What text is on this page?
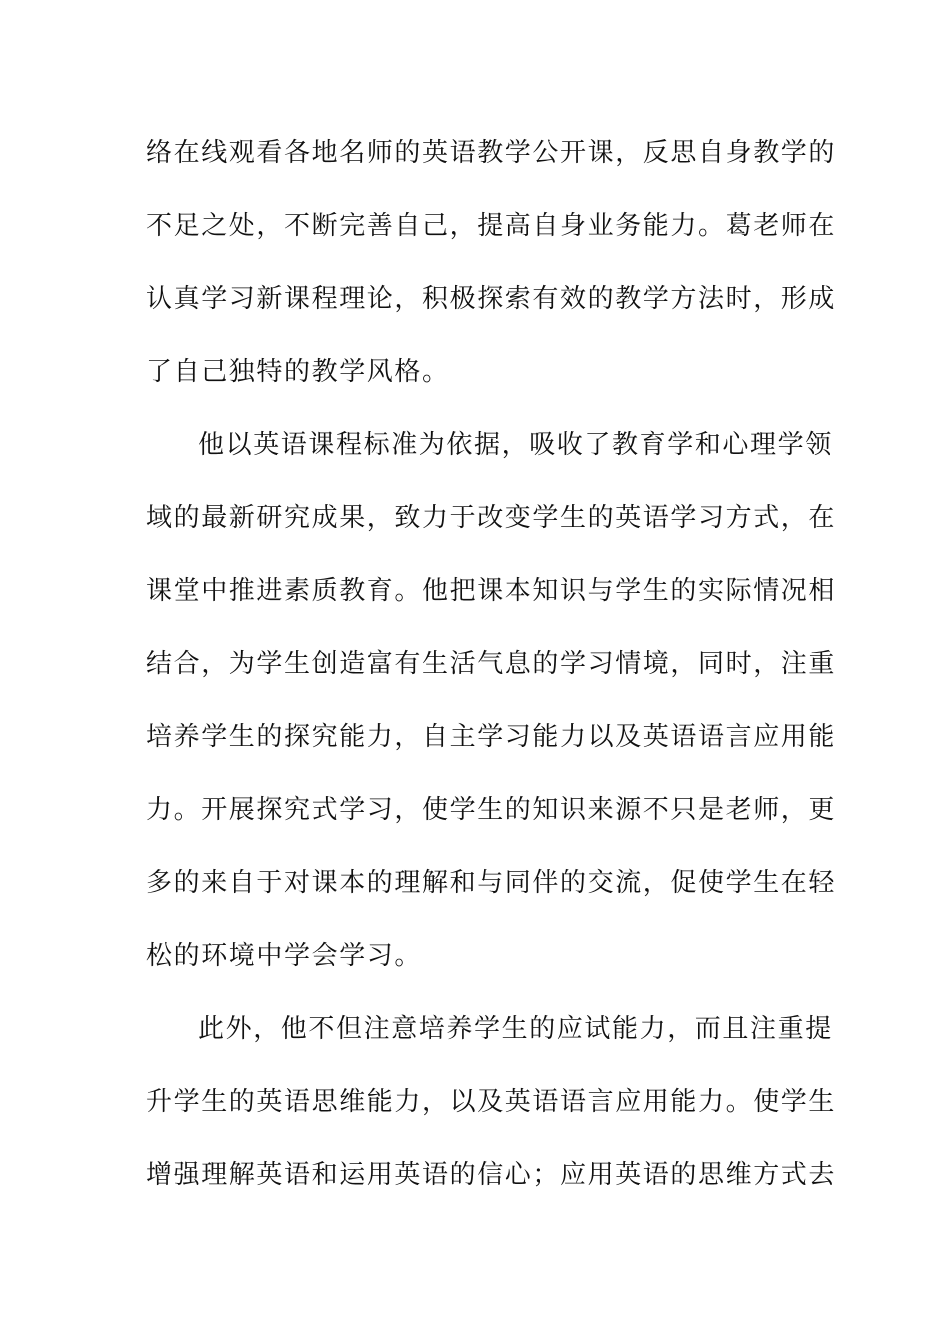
络在线观看各地名师的英语教学公开课，反思自身教学的
不足之处，不断完善自己，提高自身业务能力。葛老师在
认真学习新课程理论，积极探索有效的教学方法时，形成
了自己独特的教学风格。
他以英语课程标准为依据，吸收了教育学和心理学领
域的最新研究成果，致力于改变学生的英语学习方式，在
课堂中推进素质教育。他把课本知识与学生的实际情况相
结合，为学生创造富有生活气息的学习情境，同时，注重
培养学生的探究能力，自主学习能力以及英语语言应用能
力。开展探究式学习，使学生的知识来源不只是老师，更
多的来自于对课本的理解和与同伴的交流，促使学生在轻
松的环境中学会学习。
此外，他不但注意培养学生的应试能力，而且注重提
升学生的英语思维能力，以及英语语言应用能力。使学生
增强理解英语和运用英语的信心；应用英语的思维方式去
